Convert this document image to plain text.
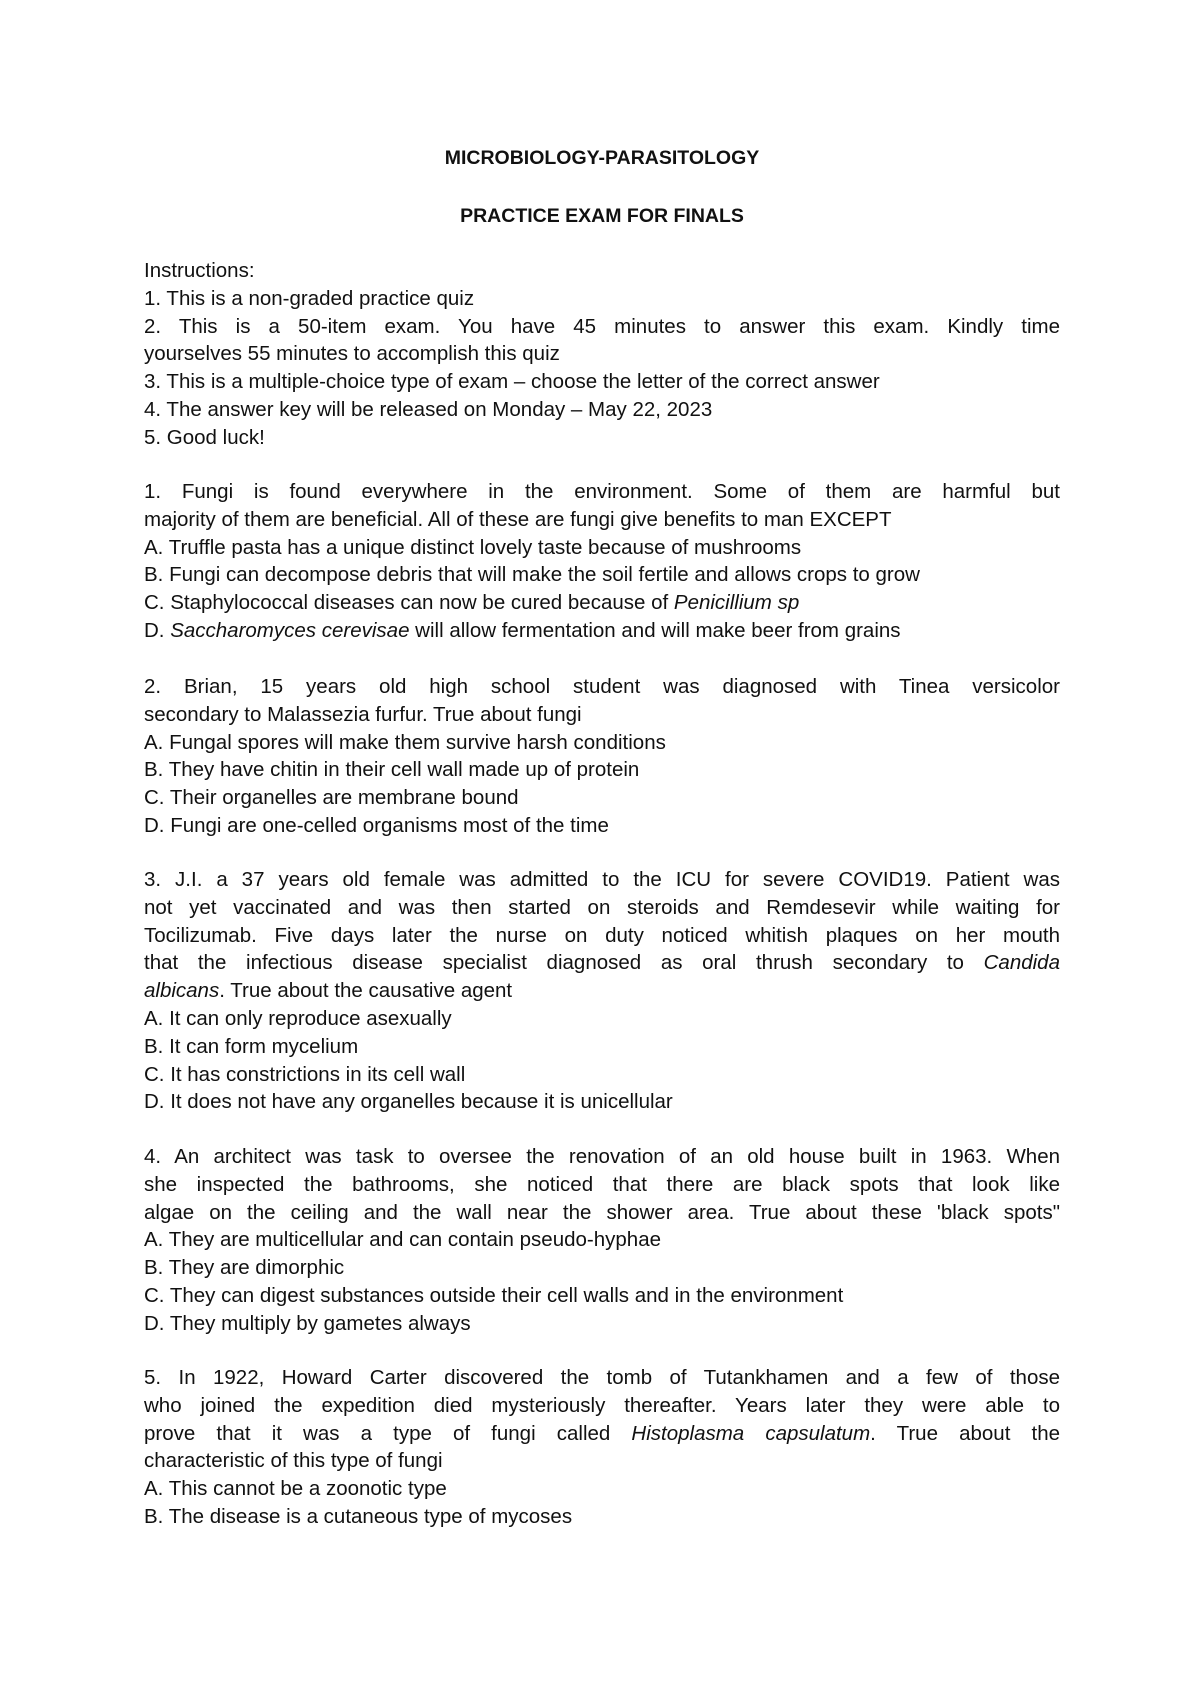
MICROBIOLOGY-PARASITOLOGY
PRACTICE EXAM FOR FINALS
Instructions:
1. This is a non-graded practice quiz
2. This is a 50-item exam. You have 45 minutes to answer this exam. Kindly time
yourselves 55 minutes to accomplish this quiz
3. This is a multiple-choice type of exam – choose the letter of the correct answer
4. The answer key will be released on Monday – May 22, 2023
5. Good luck!
1. Fungi is found everywhere in the environment. Some of them are harmful but
majority of them are beneficial. All of these are fungi give benefits to man EXCEPT
A. Truffle pasta has a unique distinct lovely taste because of mushrooms
B. Fungi can decompose debris that will make the soil fertile and allows crops to grow
C. Staphylococcal diseases can now be cured because of Penicillium sp
D. Saccharomyces cerevisae will allow fermentation and will make beer from grains
2. Brian, 15 years old high school student was diagnosed with Tinea versicolor
secondary to Malassezia furfur. True about fungi
A. Fungal spores will make them survive harsh conditions
B. They have chitin in their cell wall made up of protein
C. Their organelles are membrane bound
D. Fungi are one-celled organisms most of the time
3. J.I. a 37 years old female was admitted to the ICU for severe COVID19. Patient was
not yet vaccinated and was then started on steroids and Remdesevir while waiting for
Tocilizumab. Five days later the nurse on duty noticed whitish plaques on her mouth
that the infectious disease specialist diagnosed as oral thrush secondary to Candida
albicans. True about the causative agent
A. It can only reproduce asexually
B. It can form mycelium
C. It has constrictions in its cell wall
D. It does not have any organelles because it is unicellular
4. An architect was task to oversee the renovation of an old house built in 1963. When
she inspected the bathrooms, she noticed that there are black spots that look like
algae on the ceiling and the wall near the shower area. True about these 'black spots"
A. They are multicellular and can contain pseudo-hyphae
B. They are dimorphic
C. They can digest substances outside their cell walls and in the environment
D. They multiply by gametes always
5. In 1922, Howard Carter discovered the tomb of Tutankhamen and a few of those
who joined the expedition died mysteriously thereafter. Years later they were able to
prove that it was a type of fungi called Histoplasma capsulatum. True about the
characteristic of this type of fungi
A. This cannot be a zoonotic type
B. The disease is a cutaneous type of mycoses
